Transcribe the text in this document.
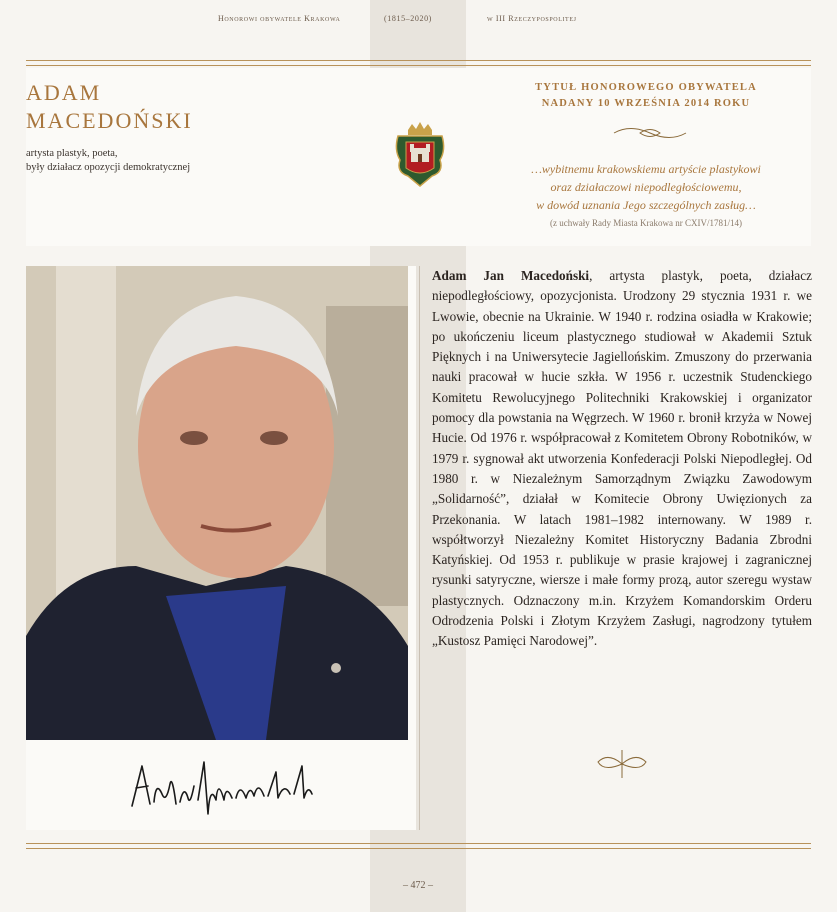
Honorowi obywatele Krakowa	(1815–2020)	w III Rzeczypospolitej
ADAM
MACEDOŃSKI
artysta plastyk, poeta,
były działacz opozycji demokratycznej
TYTUŁ HONOROWEGO OBYWATELA
NADANY 10 WRZEŚNIA 2014 ROKU
…wybitnemu krakowskiemu artyście plastykowi
oraz działaczowi niepodległościowemu,
w dowód uznania Jego szczególnych zasług…
(z uchwały Rady Miasta Krakowa nr CXIV/1781/14)
Adam Jan Macedoński, artysta plastyk, poeta, działacz niepodległościowy, opozycjonista. Urodzony 29 stycznia 1931 r. we Lwowie, obecnie na Ukrainie. W 1940 r. rodzina osiadła w Krakowie; po ukończeniu liceum plastycznego studiował w Akademii Sztuk Pięknych i na Uniwersytecie Jagiellońskim. Zmuszony do przerwania nauki pracował w hucie szkła. W 1956 r. uczestnik Studenckiego Komitetu Rewolucyjnego Politechniki Krakowskiej i organizator pomocy dla powstania na Węgrzech. W 1960 r. bronił krzyża w Nowej Hucie. Od 1976 r. współpracował z Komitetem Obrony Robotników, w 1979 r. sygnował akt utworzenia Konfederacji Polski Niepodległej. Od 1980 r. w Niezależnym Samorządnym Związku Zawodowym „Solidarność”, działał w Komitecie Obrony Uwięzionych za Przekonania. W latach 1981–1982 internowany. W 1989 r. współtworzył Niezależny Komitet Historyczny Badania Zbrodni Katyńskiej. Od 1953 r. publikuje w prasie krajowej i zagranicznej rysunki satyryczne, wiersze i małe formy prozą, autor szeregu wystaw plastycznych. Odznaczony m.in. Krzyżem Komandorskim Orderu Odrodzenia Polski i Złotym Krzyżem Zasługi, nagrodzony tytułem „Kustosz Pamięci Narodowej”.
– 472 –
